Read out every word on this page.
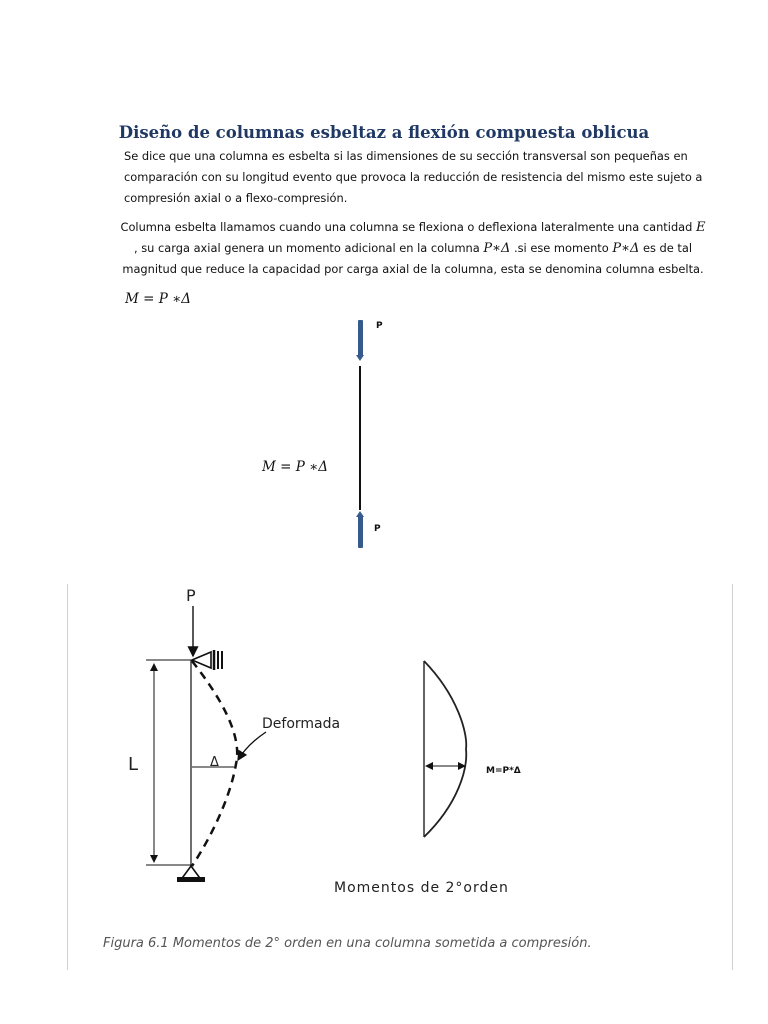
Diseño de columnas esbeltaz a flexión compuesta oblicua

Se dice que una columna es esbelta si las dimensiones de su sección transversal son pequeñas en comparación con su longitud evento que provoca la reducción de resistencia del mismo este sujeto a compresión axial o a flexo-compresión.

Columna esbelta llamamos cuando una columna se flexiona o deflexiona lateralmente una cantidad E , su carga axial genera un momento adicional en la columna P∗Δ .si ese momento P∗Δ es de tal magnitud que reduce la capacidad por carga axial de la columna, esta se denomina columna esbelta.

M = P ∗Δ

P

M = P ∗Δ

P
P
L	Δ
Deformada
M=P*Δ
Momentos de 2°orden
Figura 6.1 Momentos de 2° orden en una columna sometida a compresión.
